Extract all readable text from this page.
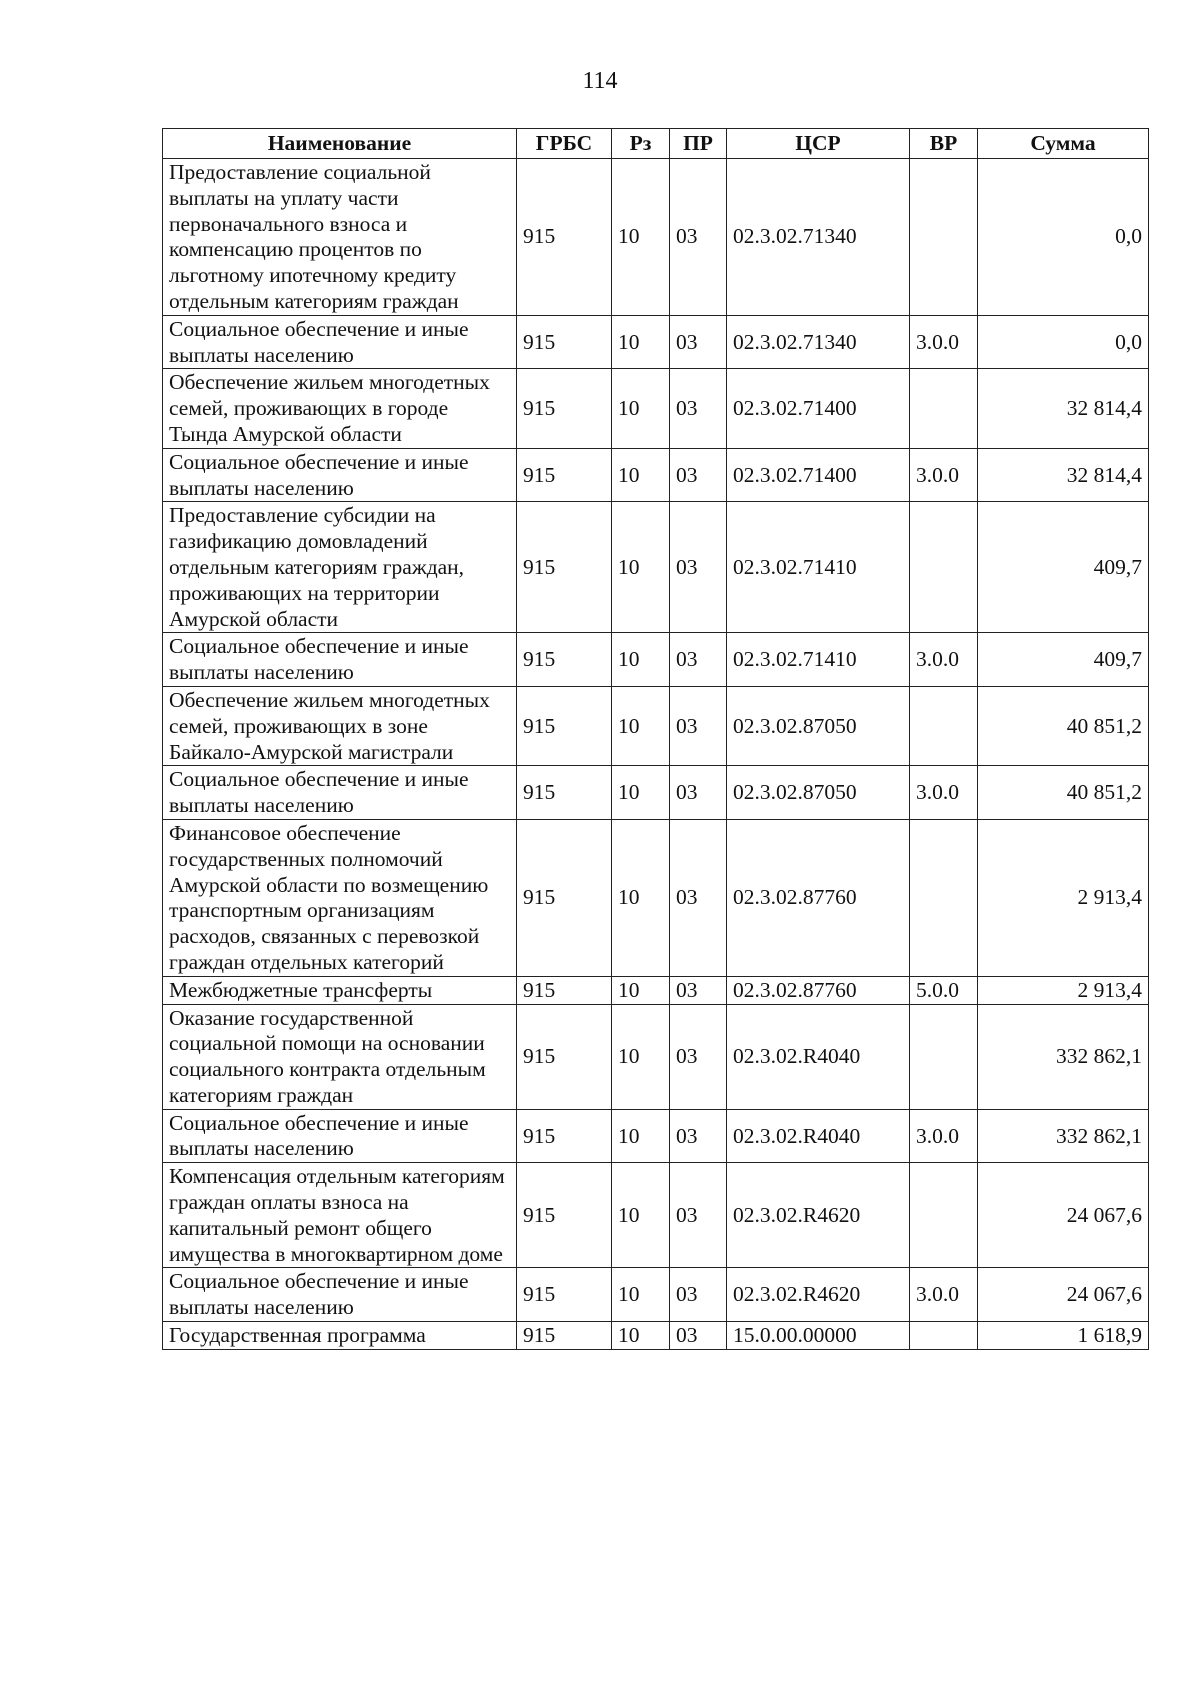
114
Наименование	ГРБС	Рз	ПР	ЦСР	ВР	Сумма
Предоставление социальной выплаты на уплату части первоначального взноса и компенсацию процентов по льготному ипотечному кредиту отдельным категориям граждан	915	10	03	02.3.02.71340		0,0
Социальное обеспечение и иные выплаты населению	915	10	03	02.3.02.71340	3.0.0	0,0
Обеспечение жильем многодетных семей, проживающих в городе Тында Амурской области	915	10	03	02.3.02.71400		32 814,4
Социальное обеспечение и иные выплаты населению	915	10	03	02.3.02.71400	3.0.0	32 814,4
Предоставление субсидии на газификацию домовладений отдельным категориям граждан, проживающих на территории Амурской области	915	10	03	02.3.02.71410		409,7
Социальное обеспечение и иные выплаты населению	915	10	03	02.3.02.71410	3.0.0	409,7
Обеспечение жильем многодетных семей, проживающих в зоне Байкало-Амурской магистрали	915	10	03	02.3.02.87050		40 851,2
Социальное обеспечение и иные выплаты населению	915	10	03	02.3.02.87050	3.0.0	40 851,2
Финансовое обеспечение государственных полномочий Амурской области по возмещению транспортным организациям расходов, связанных с перевозкой граждан отдельных категорий	915	10	03	02.3.02.87760		2 913,4
Межбюджетные трансферты	915	10	03	02.3.02.87760	5.0.0	2 913,4
Оказание государственной социальной помощи на основании социального контракта отдельным категориям граждан	915	10	03	02.3.02.R4040		332 862,1
Социальное обеспечение и иные выплаты населению	915	10	03	02.3.02.R4040	3.0.0	332 862,1
Компенсация отдельным категориям граждан оплаты взноса на капитальный ремонт общего имущества в многоквартирном доме	915	10	03	02.3.02.R4620		24 067,6
Социальное обеспечение и иные выплаты населению	915	10	03	02.3.02.R4620	3.0.0	24 067,6
Государственная программа	915	10	03	15.0.00.00000		1 618,9
